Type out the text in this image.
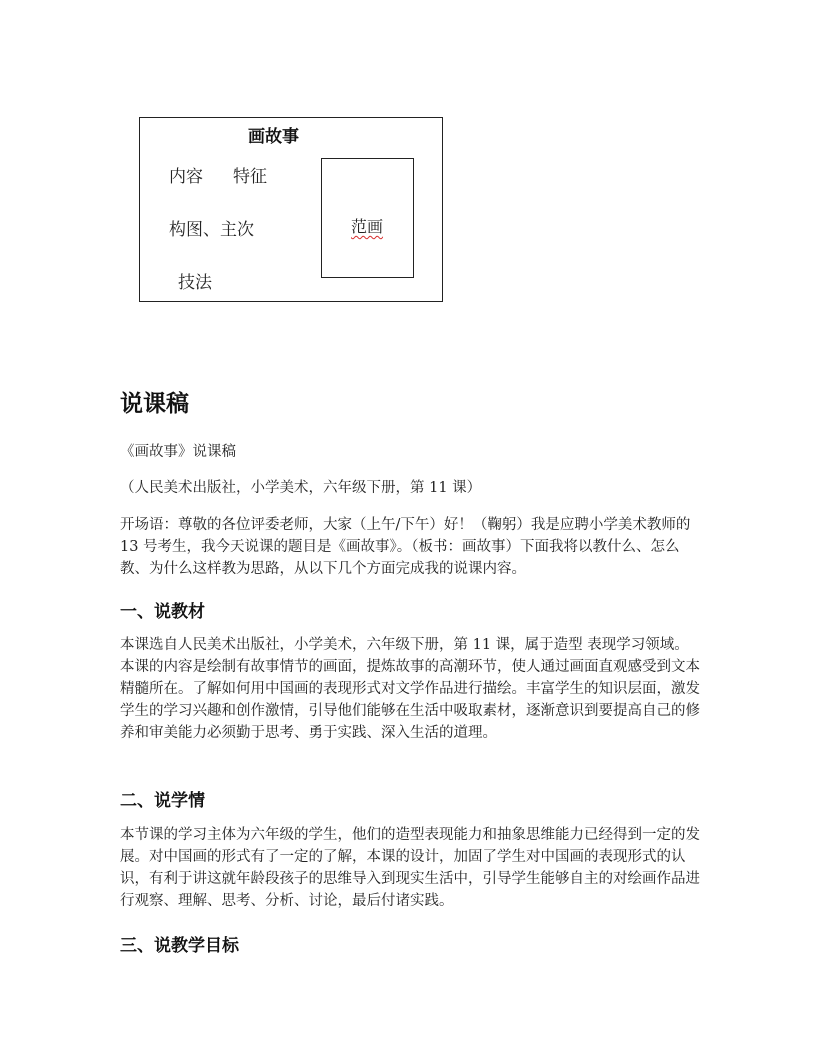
画故事
内容 特征
构图、主次
技法
范画
说课稿
《画故事》说课稿
（人民美术出版社，小学美术，六年级下册，第 11 课）
开场语：尊敬的各位评委老师，大家（上午/下午）好！（鞠躬）我是应聘小学美术教师的 13 号考生，我今天说课的题目是《画故事》。（板书：画故事）下面我将以教什么、怎么教、为什么这样教为思路，从以下几个方面完成我的说课内容。
一、说教材
本课选自人民美术出版社，小学美术，六年级下册，第 11 课，属于造型 表现学习领域。本课的内容是绘制有故事情节的画面，提炼故事的高潮环节，使人通过画面直观感受到文本精髓所在。了解如何用中国画的表现形式对文学作品进行描绘。丰富学生的知识层面，激发学生的学习兴趣和创作激情，引导他们能够在生活中吸取素材，逐渐意识到要提高自己的修养和审美能力必须勤于思考、勇于实践、深入生活的道理。
二、说学情
本节课的学习主体为六年级的学生，他们的造型表现能力和抽象思维能力已经得到一定的发展。对中国画的形式有了一定的了解，本课的设计，加固了学生对中国画的表现形式的认识，有利于讲这就年龄段孩子的思维导入到现实生活中，引导学生能够自主的对绘画作品进行观察、理解、思考、分析、讨论，最后付诸实践。
三、说教学目标
